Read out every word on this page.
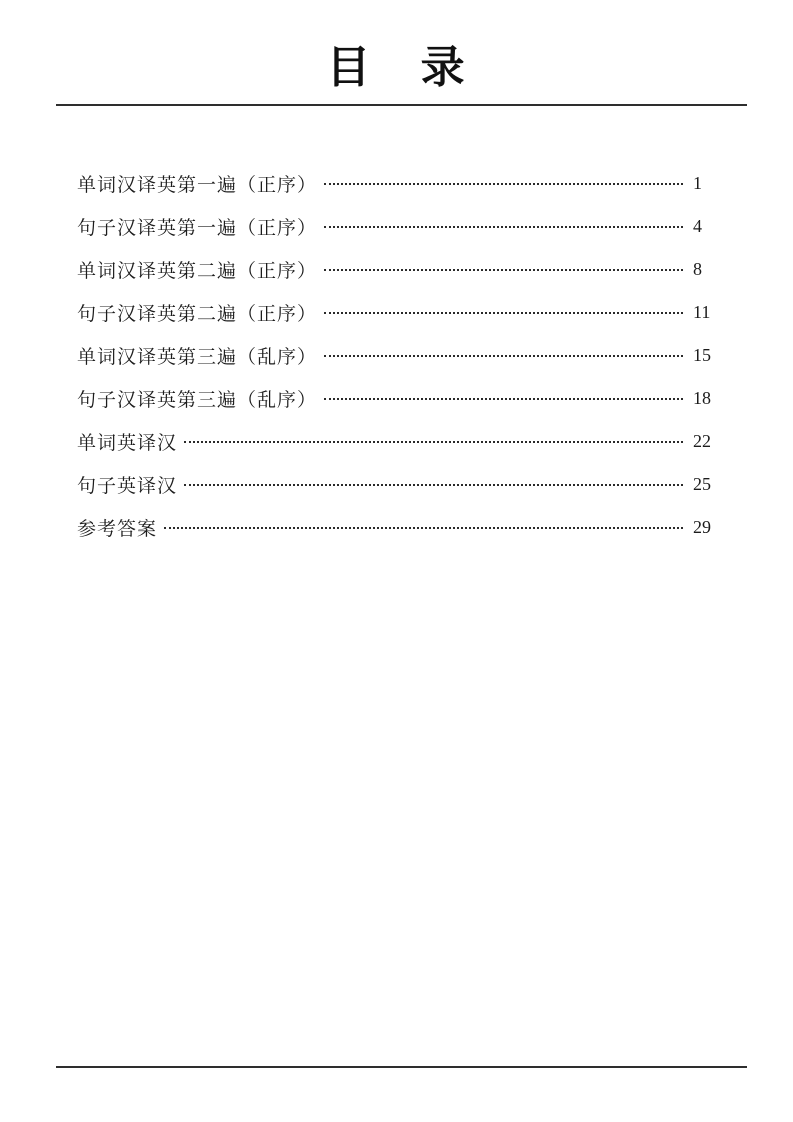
目 录
单词汉译英第一遍（正序）	1
句子汉译英第一遍（正序）	4
单词汉译英第二遍（正序）	8
句子汉译英第二遍（正序）	11
单词汉译英第三遍（乱序）	15
句子汉译英第三遍（乱序）	18
单词英译汉	22
句子英译汉	25
参考答案	29
